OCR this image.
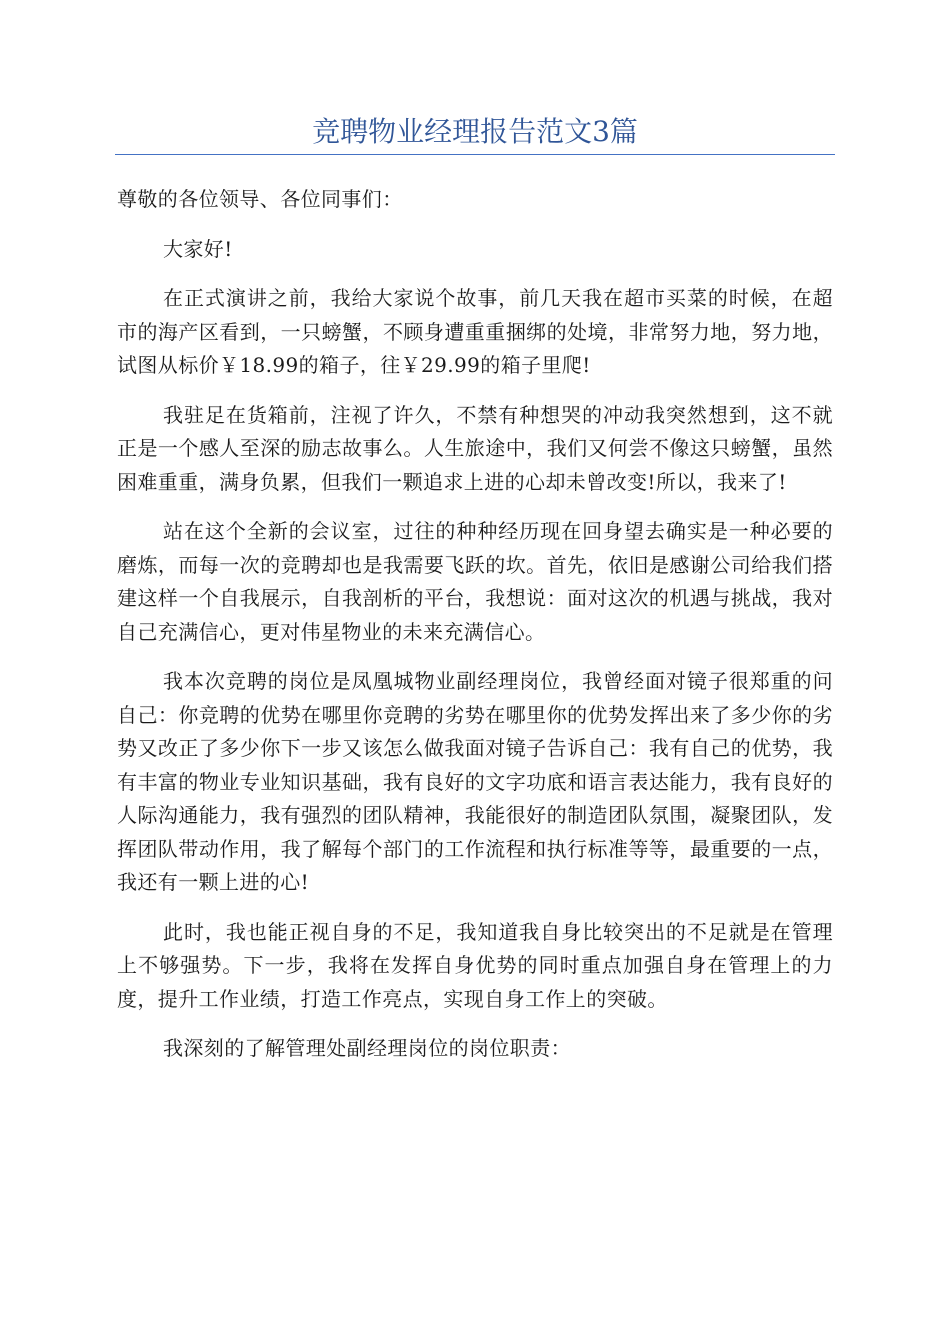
竞聘物业经理报告范文3篇

尊敬的各位领导、各位同事们：

大家好!

在正式演讲之前，我给大家说个故事，前几天我在超市买菜的时候，在超市的海产区看到，一只螃蟹，不顾身遭重重捆绑的处境，非常努力地，努力地，试图从标价￥18.99的箱子，往￥29.99的箱子里爬!

我驻足在货箱前，注视了许久，不禁有种想哭的冲动我突然想到，这不就正是一个感人至深的励志故事么。人生旅途中，我们又何尝不像这只螃蟹，虽然困难重重，满身负累，但我们一颗追求上进的心却未曾改变!所以，我来了!

站在这个全新的会议室，过往的种种经历现在回身望去确实是一种必要的磨炼，而每一次的竞聘却也是我需要飞跃的坎。首先，依旧是感谢公司给我们搭建这样一个自我展示，自我剖析的平台，我想说：面对这次的机遇与挑战，我对自己充满信心，更对伟星物业的未来充满信心。

我本次竞聘的岗位是凤凰城物业副经理岗位，我曾经面对镜子很郑重的问自己：你竞聘的优势在哪里你竞聘的劣势在哪里你的优势发挥出来了多少你的劣势又改正了多少你下一步又该怎么做我面对镜子告诉自己：我有自己的优势，我有丰富的物业专业知识基础，我有良好的文字功底和语言表达能力，我有良好的人际沟通能力，我有强烈的团队精神，我能很好的制造团队氛围，凝聚团队，发挥团队带动作用，我了解每个部门的工作流程和执行标准等等，最重要的一点，我还有一颗上进的心!

此时，我也能正视自身的不足，我知道我自身比较突出的不足就是在管理上不够强势。下一步，我将在发挥自身优势的同时重点加强自身在管理上的力度，提升工作业绩，打造工作亮点，实现自身工作上的突破。

我深刻的了解管理处副经理岗位的岗位职责：
